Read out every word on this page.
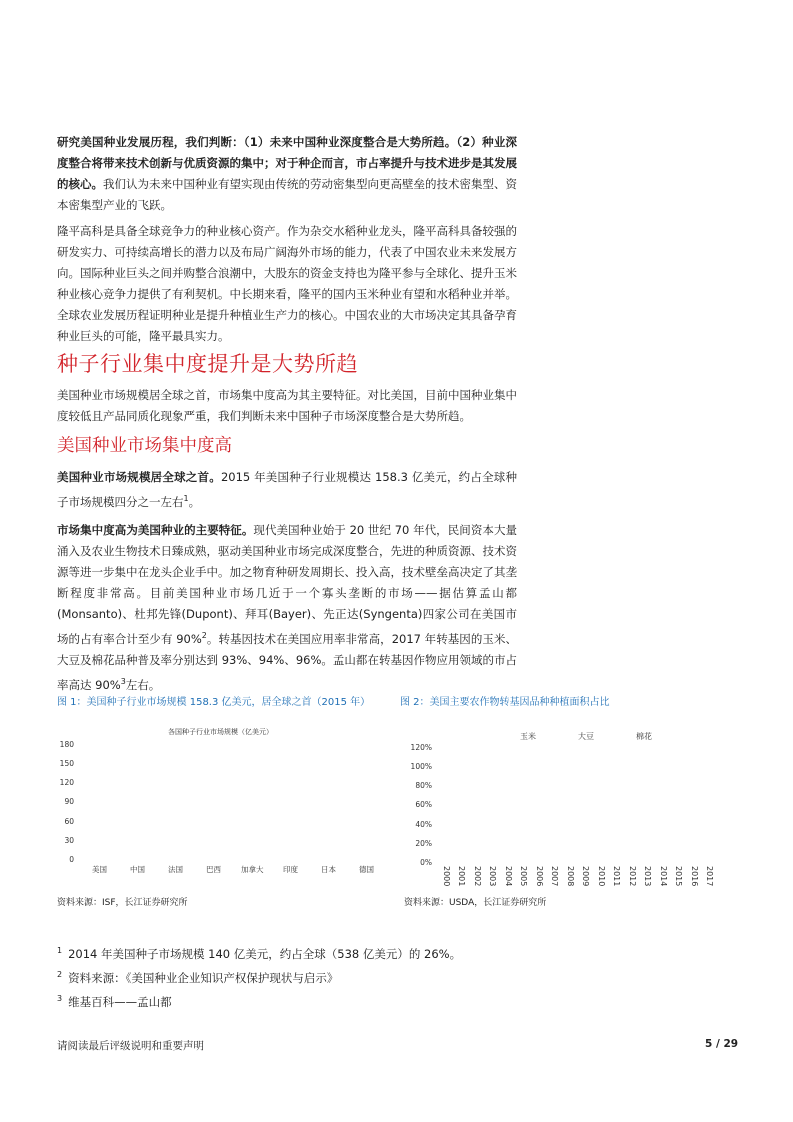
研究美国种业发展历程，我们判断：（1）未来中国种业深度整合是大势所趋。（2）种业深度整合将带来技术创新与优质资源的集中；对于种企而言，市占率提升与技术进步是其发展的核心。我们认为未来中国种业有望实现由传统的劳动密集型向更高壁垒的技术密集型、资本密集型产业的飞跃。

隆平高科是具备全球竞争力的种业核心资产。作为杂交水稻种业龙头，隆平高科具备较强的研发实力、可持续高增长的潜力以及布局广阔海外市场的能力，代表了中国农业未来发展方向。国际种业巨头之间并购整合浪潮中，大股东的资金支持也为隆平参与全球化、提升玉米种业核心竞争力提供了有利契机。中长期来看，隆平的国内玉米种业有望和水稻种业并举。全球农业发展历程证明种业是提升种植业生产力的核心。中国农业的大市场决定其具备孕育种业巨头的可能，隆平最具实力。

种子行业集中度提升是大势所趋

美国种业市场规模居全球之首，市场集中度高为其主要特征。对比美国，目前中国种业集中度较低且产品同质化现象严重，我们判断未来中国种子市场深度整合是大势所趋。

美国种业市场集中度高

美国种业市场规模居全球之首。2015 年美国种子行业规模达 158.3 亿美元，约占全球种子市场规模四分之一左右$^1$。

市场集中度高为美国种业的主要特征。现代美国种业始于 20 世纪 70 年代，民间资本大量涌入及农业生物技术日臻成熟，驱动美国种业市场完成深度整合，先进的种质资源、技术资源等进一步集中在龙头企业手中。加之物育种研发周期长、投入高，技术壁垒高决定了其垄断程度非常高。目前美国种业市场几近于一个寡头垄断的市场——据估算孟山都(Monsanto)、杜邦先锋(Dupont)、拜耳(Bayer)、先正达(Syngenta)四家公司在美国市场的占有率合计至少有 90%$^2$。转基因技术在美国应用率非常高，2017 年转基因的玉米、大豆及棉花品种普及率分别达到 93%、94%、96%。孟山都在转基因作物应用领域的市占率高达 90%$^3$左右。

图 1：美国种子行业市场规模 158.3 亿美元，居全球之首（2015 年）	图 2：美国主要农作物转基因品种种植面积占比
各国种子行业市场规模（亿美元）
180
150
120
90
60
30
0
美国	中国	法国	巴西	加拿大	印度	日本	德国
玉米	大豆	棉花
120%
100%
80%
60%
40%
20%
0%
2000 2001 2002 2003 2004 2005 2006 2007 2008 2009 2010 2011 2012 2013 2014 2015 2016 2017
资料来源：ISF，长江证券研究所	资料来源：USDA，长江证券研究所
$^1$ 2014 年美国种子市场规模 140 亿美元，约占全球（538 亿美元）的 26%。
$^2$ 资料来源：《美国种业企业知识产权保护现状与启示》
$^3$ 维基百科——孟山都
请阅读最后评级说明和重要声明	5 / 29
